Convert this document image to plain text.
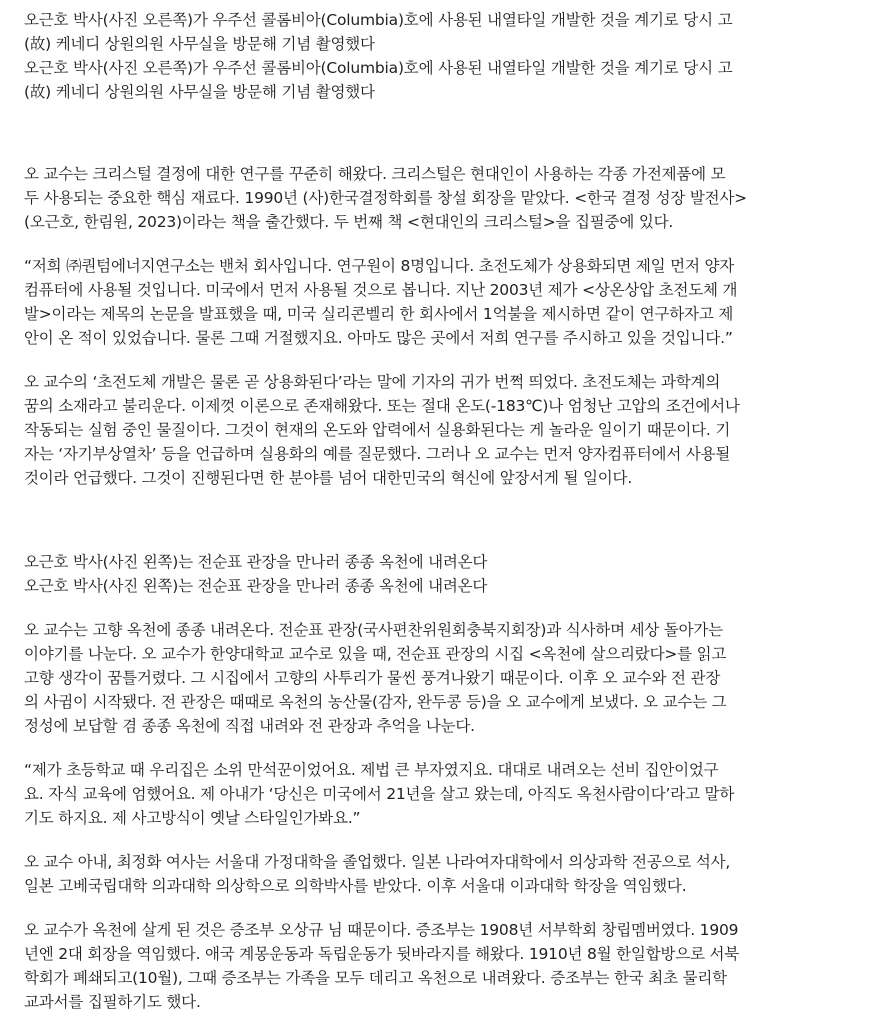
오근호 박사(사진 오른쪽)가 우주선 콜롬비아(Columbia)호에 사용된 내열타일 개발한 것을 계기로 당시 고
(故) 케네디 상원의원 사무실을 방문해 기념 촬영했다

오근호 박사(사진 오른쪽)가 우주선 콜롬비아(Columbia)호에 사용된 내열타일 개발한 것을 계기로 당시 고
(故) 케네디 상원의원 사무실을 방문해 기념 촬영했다

오 교수는 크리스털 결정에 대한 연구를 꾸준히 해왔다. 크리스털은 현대인이 사용하는 각종 가전제품에 모
두 사용되는 중요한 핵심 재료다. 1990년 (사)한국결정학회를 창설 회장을 맡았다. <한국 결정 성장 발전사>
(오근호, 한림원, 2023)이라는 책을 출간했다. 두 번째 책 <현대인의 크리스털>을 집필중에 있다.

“저희 ㈜퀀텀에너지연구소는 밴처 회사입니다. 연구원이 8명입니다. 초전도체가 상용화되면 제일 먼저 양자
컴퓨터에 사용될 것입니다. 미국에서 먼저 사용될 것으로 봅니다. 지난 2003년 제가 <상온상압 초전도체 개
발>이라는 제목의 논문을 발표했을 때, 미국 실리콘벨리 한 회사에서 1억불을 제시하면 같이 연구하자고 제
안이 온 적이 있었습니다. 물론 그때 거절했지요. 아마도 많은 곳에서 저희 연구를 주시하고 있을 것입니다.”

오 교수의 ‘초전도체 개발은 물론 곧 상용화된다’라는 말에 기자의 귀가 번쩍 띄었다. 초전도체는 과학계의
꿈의 소재라고 불리운다. 이제껏 이론으로 존재해왔다. 또는 절대 온도(-183℃)나 엄청난 고압의 조건에서나
작동되는 실험 중인 물질이다. 그것이 현재의 온도와 압력에서 실용화된다는 게 놀라운 일이기 때문이다. 기
자는 ‘자기부상열차’ 등을 언급하며 실용화의 예를 질문했다. 그러나 오 교수는 먼저 양자컴퓨터에서 사용될
것이라 언급했다. 그것이 진행된다면 한 분야를 넘어 대한민국의 혁신에 앞장서게 될 일이다.

오근호 박사(사진 왼쪽)는 전순표 관장을 만나러 종종 옥천에 내려온다

오근호 박사(사진 왼쪽)는 전순표 관장을 만나러 종종 옥천에 내려온다

오 교수는 고향 옥천에 종종 내려온다. 전순표 관장(국사편찬위원회충북지회장)과 식사하며 세상 돌아가는
이야기를 나눈다. 오 교수가 한양대학교 교수로 있을 때, 전순표 관장의 시집 <옥천에 살으리랐다>를 읽고
고향 생각이 꿈틀거렸다. 그 시집에서 고향의 사투리가 물씬 풍겨나왔기 때문이다. 이후 오 교수와 전 관장
의 사귐이 시작됐다. 전 관장은 때때로 옥천의 농산물(감자, 완두콩 등)을 오 교수에게 보냈다. 오 교수는 그
정성에 보답할 겸 종종 옥천에 직접 내려와 전 관장과 추억을 나눈다.

“제가 초등학교 때 우리집은 소위 만석꾼이었어요. 제법 큰 부자였지요. 대대로 내려오는 선비 집안이었구
요. 자식 교육에 엄했어요. 제 아내가 ‘당신은 미국에서 21년을 살고 왔는데, 아직도 옥천사람이다’라고 말하
기도 하지요. 제 사고방식이 옛날 스타일인가봐요.”

오 교수 아내, 최정화 여사는 서울대 가정대학을 졸업했다. 일본 나라여자대학에서 의상과학 전공으로 석사,
일본 고베국립대학 의과대학 의상학으로 의학박사를 받았다. 이후 서울대 이과대학 학장을 역임했다.

오 교수가 옥천에 살게 된 것은 증조부 오상규 님 때문이다. 증조부는 1908년 서부학회 창립멤버였다. 1909
년엔 2대 회장을 역임했다. 애국 계몽운동과 독립운동가 뒷바라지를 해왔다. 1910년 8월 한일합방으로 서북
학회가 폐쇄되고(10월), 그때 증조부는 가족을 모두 데리고 옥천으로 내려왔다. 증조부는 한국 최초 물리학
교과서를 집필하기도 했다.
